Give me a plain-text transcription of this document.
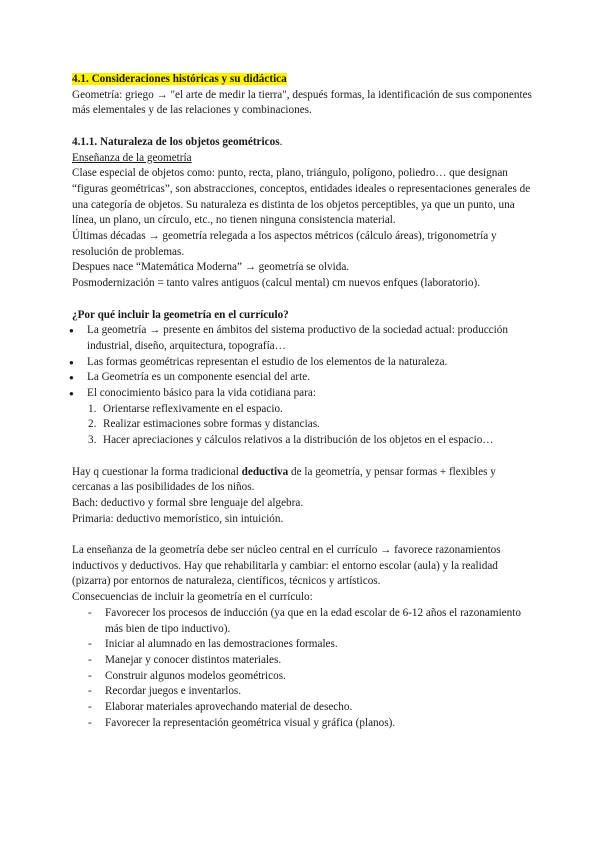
4.1. Consideraciones históricas y su didáctica

Geometría: griego → "el arte de medir la tierra", después formas, la identificación de sus componentes más elementales y de las relaciones y combinaciones.

4.1.1. Naturaleza de los objetos geométricos.

Enseñanza de la geometría

Clase especial de objetos como: punto, recta, plano, triángulo, polígono, poliedro… que designan “figuras geométricas”, son abstracciones, conceptos, entidades ideales o representaciones generales de una categoría de objetos. Su naturaleza es distinta de los objetos perceptibles, ya que un punto, una línea, un plano, un círculo, etc., no tienen ninguna consistencia material.

Últimas décadas → geometría relegada a los aspectos métricos (cálculo áreas), trigonometría y resolución de problemas.

Despues nace “Matemática Moderna” → geometría se olvida.

Posmodernización = tanto valres antiguos (calcul mental) cm nuevos enfques (laboratorio).

¿Por qué incluir la geometría en el currículo?

● La geometría → presente en ámbitos del sistema productivo de la sociedad actual: producción industrial, diseño, arquitectura, topografía…
● Las formas geométricas representan el estudio de los elementos de la naturaleza.
● La Geometría es un componente esencial del arte.
● El conocimiento básico para la vida cotidiana para:
1. Orientarse reflexivamente en el espacio.
2. Realizar estimaciones sobre formas y distancias.
3. Hacer apreciaciones y cálculos relativos a la distribución de los objetos en el espacio…

Hay q cuestionar la forma tradicional deductiva de la geometría, y pensar formas + flexibles y cercanas a las posibilidades de los niños.

Bach: deductivo y formal sbre lenguaje del algebra.

Primaria: deductivo memorístico, sin intuición.

La enseñanza de la geometría debe ser núcleo central en el currículo → favorece razonamientos inductivos y deductivos. Hay que rehabilitarla y cambiar: el entorno escolar (aula) y la realidad (pizarra) por entornos de naturaleza, científicos, técnicos y artísticos.

Consecuencias de incluir la geometría en el currículo:

- Favorecer los procesos de inducción (ya que en la edad escolar de 6-12 años el razonamiento más bien de tipo inductivo).
- Iniciar al alumnado en las demostraciones formales.
- Manejar y conocer distintos materiales.
- Construir algunos modelos geométricos.
- Recordar juegos e inventarlos.
- Elaborar materiales aprovechando material de desecho.
- Favorecer la representación geométrica visual y gráfica (planos).
